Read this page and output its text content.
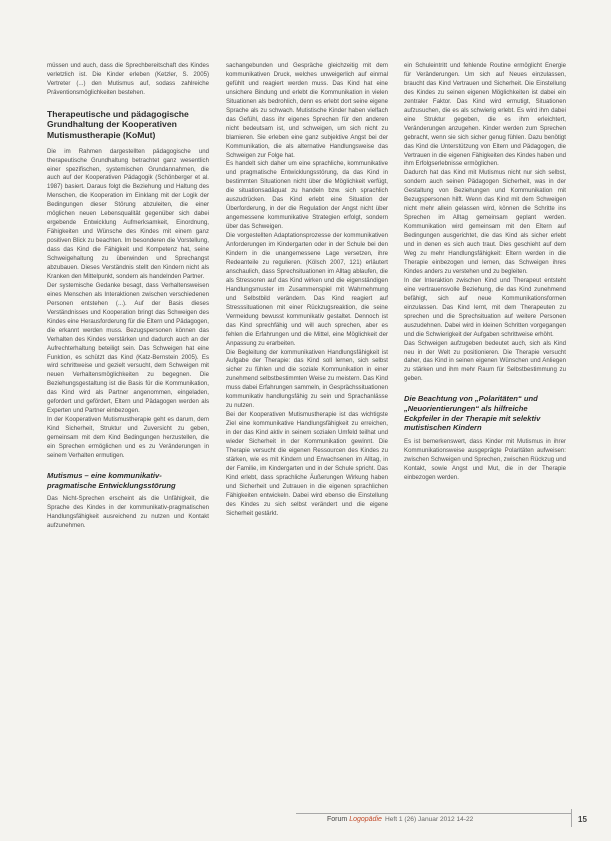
müssen und auch, dass die Sprechbereitschaft des Kindes verletzlich ist. Die Kinder erleben (Ketzler, S. 2005) Vertreter (...) den Mutismus auf, sodass zahlreiche Präventionsmöglichkeiten bestehen.

Therapeutische und pädagogische Grundhaltung der Kooperativen Mutismustherapie (KoMut)

Die im Rahmen dargestellten pädagogische und therapeutische Grundhaltung betrachtet ganz wesentlich einer spezifischen, systemischen Grundannahmen, die auch auf der Kooperativen Pädagogik (Schönberger et al. 1987) basiert. Daraus folgt die Beziehung und Haltung des Menschen, die Kooperation im Einklang mit der Logik der Bedingungen dieser Störung abzuleiten, die einer möglichen neuen Lebensqualität gegenüber sich dabei ergebende Entwicklung Aufmerksamkeit, Einordnung, Fähigkeiten und Wünsche des Kindes mit einem ganz positiven Blick zu beachten. Im besonderen die Vorstellung, dass das Kind die Fähigkeit und Kompetenz hat, seine Schweigehaltung zu überwinden und Sprechangst abzubauen. Dieses Verständnis stellt den Kindern nicht als Kranken den Mittelpunkt, sondern als handelnden Partner.

Der systemische Gedanke besagt, dass Verhaltensweisen eines Menschen als Interaktionen zwischen verschiedenen Personen entstehen (...). Auf der Basis dieses Verständnisses und Kooperation bringt das Schweigen des Kindes eine Herausforderung für die Eltern und Pädagogen, die erkannt werden muss. Bezugspersonen können das Verhalten des Kindes verstärken und dadurch auch an der Aufrechterhaltung beteiligt sein. Das Schweigen hat eine Funktion, es schützt das Kind (Katz-Bernstein 2005). Es wird schrittweise und gezielt versucht, dem Schweigen mit neuen Verhaltensmöglichkeiten zu begegnen. Die Beziehungsgestaltung ist die Basis für die Kommunikation, das Kind wird als Partner angenommen, eingeladen, gefordert und gefördert, Eltern und Pädagogen werden als Experten und Partner einbezogen.

In der Kooperativen Mutismustherapie geht es darum, dem Kind Sicherheit, Struktur und Zuversicht zu geben, gemeinsam mit dem Kind Bedingungen herzustellen, die ein Sprechen ermöglichen und es zu Veränderungen in seinem Verhalten ermutigen.

Mutismus – eine kommunikativ-pragmatische Entwicklungsstörung

Das Nicht-Sprechen erscheint als die Unfähigkeit, die Sprache des Kindes in der kommunikativ-pragmatischen Handlungsfähigkeit ausreichend zu nutzen und Kontakt aufzunehmen.

sachangebunden und Gespräche gleichzeitig mit dem kommunikativen Druck, welches unweigerlich auf einmal gefühlt und reagiert werden muss. Das Kind hat eine unsichere Bindung und erlebt die Kommunikation in vielen Situationen als bedrohlich, denn es erlebt dort seine eigene Sprache als zu schwach. Mutistische Kinder haben vielfach das Gefühl, dass ihr eigenes Sprechen für den anderen nicht bedeutsam ist, und schweigen, um sich nicht zu blamieren. Sie erleben eine ganz subjektive Angst bei der Kommunikation, die als alternative Handlungsweise das Schweigen zur Folge hat.

Es handelt sich daher um eine sprachliche, kommunikative und pragmatische Entwicklungsstörung, da das Kind in bestimmten Situationen nicht über die Möglichkeit verfügt, die situationsadäquat zu handeln bzw. sich sprachlich auszudrücken. Das Kind erlebt eine Situation der Überforderung, in der die Regulation der Angst nicht über angemessene kommunikative Strategien erfolgt, sondern über das Schweigen.

Die vorgestellten Adaptationsprozesse der kommunikativen Anforderungen im Kindergarten oder in der Schule bei den Kindern in die unangemessene Lage versetzen, ihre Redeanteile zu regulieren. (Kölsch 2007, 121) erläutert anschaulich, dass Sprechsituationen im Alltag ablaufen, die als Stressoren auf das Kind wirken und die eigenständigen Handlungsmuster im Zusammenspiel mit Wahrnehmung und Selbstbild verändern. Das Kind reagiert auf Stresssituationen mit einer Rückzugsreaktion, die seine Vermeidung bewusst kommunikativ gestaltet. Dennoch ist das Kind sprechfähig und will auch sprechen, aber es fehlen die Erfahrungen und die Mittel, eine Möglichkeit der Anpassung zu erarbeiten.

Die Begleitung der kommunikativen Handlungsfähigkeit ist Aufgabe der Therapie: das Kind soll lernen, sich selbst sicher zu fühlen und die soziale Kommunikation in einer zunehmend selbstbestimmten Weise zu meistern. Das Kind muss dabei Erfahrungen sammeln, in Gesprächssituationen kommunikativ handlungsfähig zu sein und Sprachanlässe zu nutzen.

Bei der Kooperativen Mutismustherapie ist das wichtigste Ziel eine kommunikative Handlungsfähigkeit zu erreichen, in der das Kind aktiv in seinem sozialen Umfeld teilhat und wieder Sicherheit in der Kommunikation gewinnt. Die Therapie versucht die eigenen Ressourcen des Kindes zu stärken, wie es mit Kindern und Erwachsenen im Alltag, in der Familie, im Kindergarten und in der Schule spricht. Das Kind erlebt, dass sprachliche Äußerungen Wirkung haben und Sicherheit und Zutrauen in die eigenen sprachlichen Fähigkeiten entwickeln. Dabei wird ebenso die Einstellung des Kindes zu sich selbst verändert und die eigene Sicherheit gestärkt.

ein Schuleintritt und fehlende Routine ermöglicht Energie für Veränderungen. Um sich auf Neues einzulassen, braucht das Kind Vertrauen und Sicherheit. Die Einstellung des Kindes zu seinen eigenen Möglichkeiten ist dabei ein zentraler Faktor. Das Kind wird ermutigt, Situationen aufzusuchen, die es als schwierig erlebt. Es wird ihm dabei eine Struktur gegeben, die es ihm erleichtert, Veränderungen anzugehen. Kinder werden zum Sprechen gebracht, wenn sie sich sicher genug fühlen. Dazu benötigt das Kind die Unterstützung von Eltern und Pädagogen, die Vertrauen in die eigenen Fähigkeiten des Kindes haben und ihm Erfolgserlebnisse ermöglichen.

Dadurch hat das Kind mit Mutismus nicht nur sich selbst, sondern auch seinen Pädagogen Sicherheit, was in der Gestaltung von Beziehungen und Kommunikation mit Bezugspersonen hilft. Wenn das Kind mit dem Schweigen nicht mehr allein gelassen wird, können die Schritte ins Sprechen im Alltag gemeinsam geplant werden. Kommunikation wird gemeinsam mit den Eltern auf Bedingungen ausgerichtet, die das Kind als sicher erlebt und in denen es sich auch traut. Dies geschieht auf dem Weg zu mehr Handlungsfähigkeit: Eltern werden in die Therapie einbezogen und lernen, das Schweigen ihres Kindes anders zu verstehen und zu begleiten.

In der Interaktion zwischen Kind und Therapeut entsteht eine vertrauensvolle Beziehung, die das Kind zunehmend befähigt, sich auf neue Kommunikationsformen einzulassen. Das Kind lernt, mit dem Therapeuten zu sprechen und die Sprechsituation auf weitere Personen auszudehnen. Dabei wird in kleinen Schritten vorgegangen und die Schwierigkeit der Aufgaben schrittweise erhöht.

Das Schweigen aufzugeben bedeutet auch, sich als Kind neu in der Welt zu positionieren. Die Therapie versucht daher, das Kind in seinen eigenen Wünschen und Anliegen zu stärken und ihm mehr Raum für Selbstbestimmung zu geben.

Die Beachtung von „Polaritäten“ und „Neuorientierungen“ als hilfreiche Eckpfeiler in der Therapie mit selektiv mutistischen Kindern

Es ist bemerkenswert, dass Kinder mit Mutismus in ihrer Kommunikationsweise ausgeprägte Polaritäten aufweisen: zwischen Schweigen und Sprechen, zwischen Rückzug und Kontakt, sowie Angst und Mut, die in der Therapie einbezogen werden.

Forum Logopädie Heft 1 (26) Januar 2012 14-22	15
